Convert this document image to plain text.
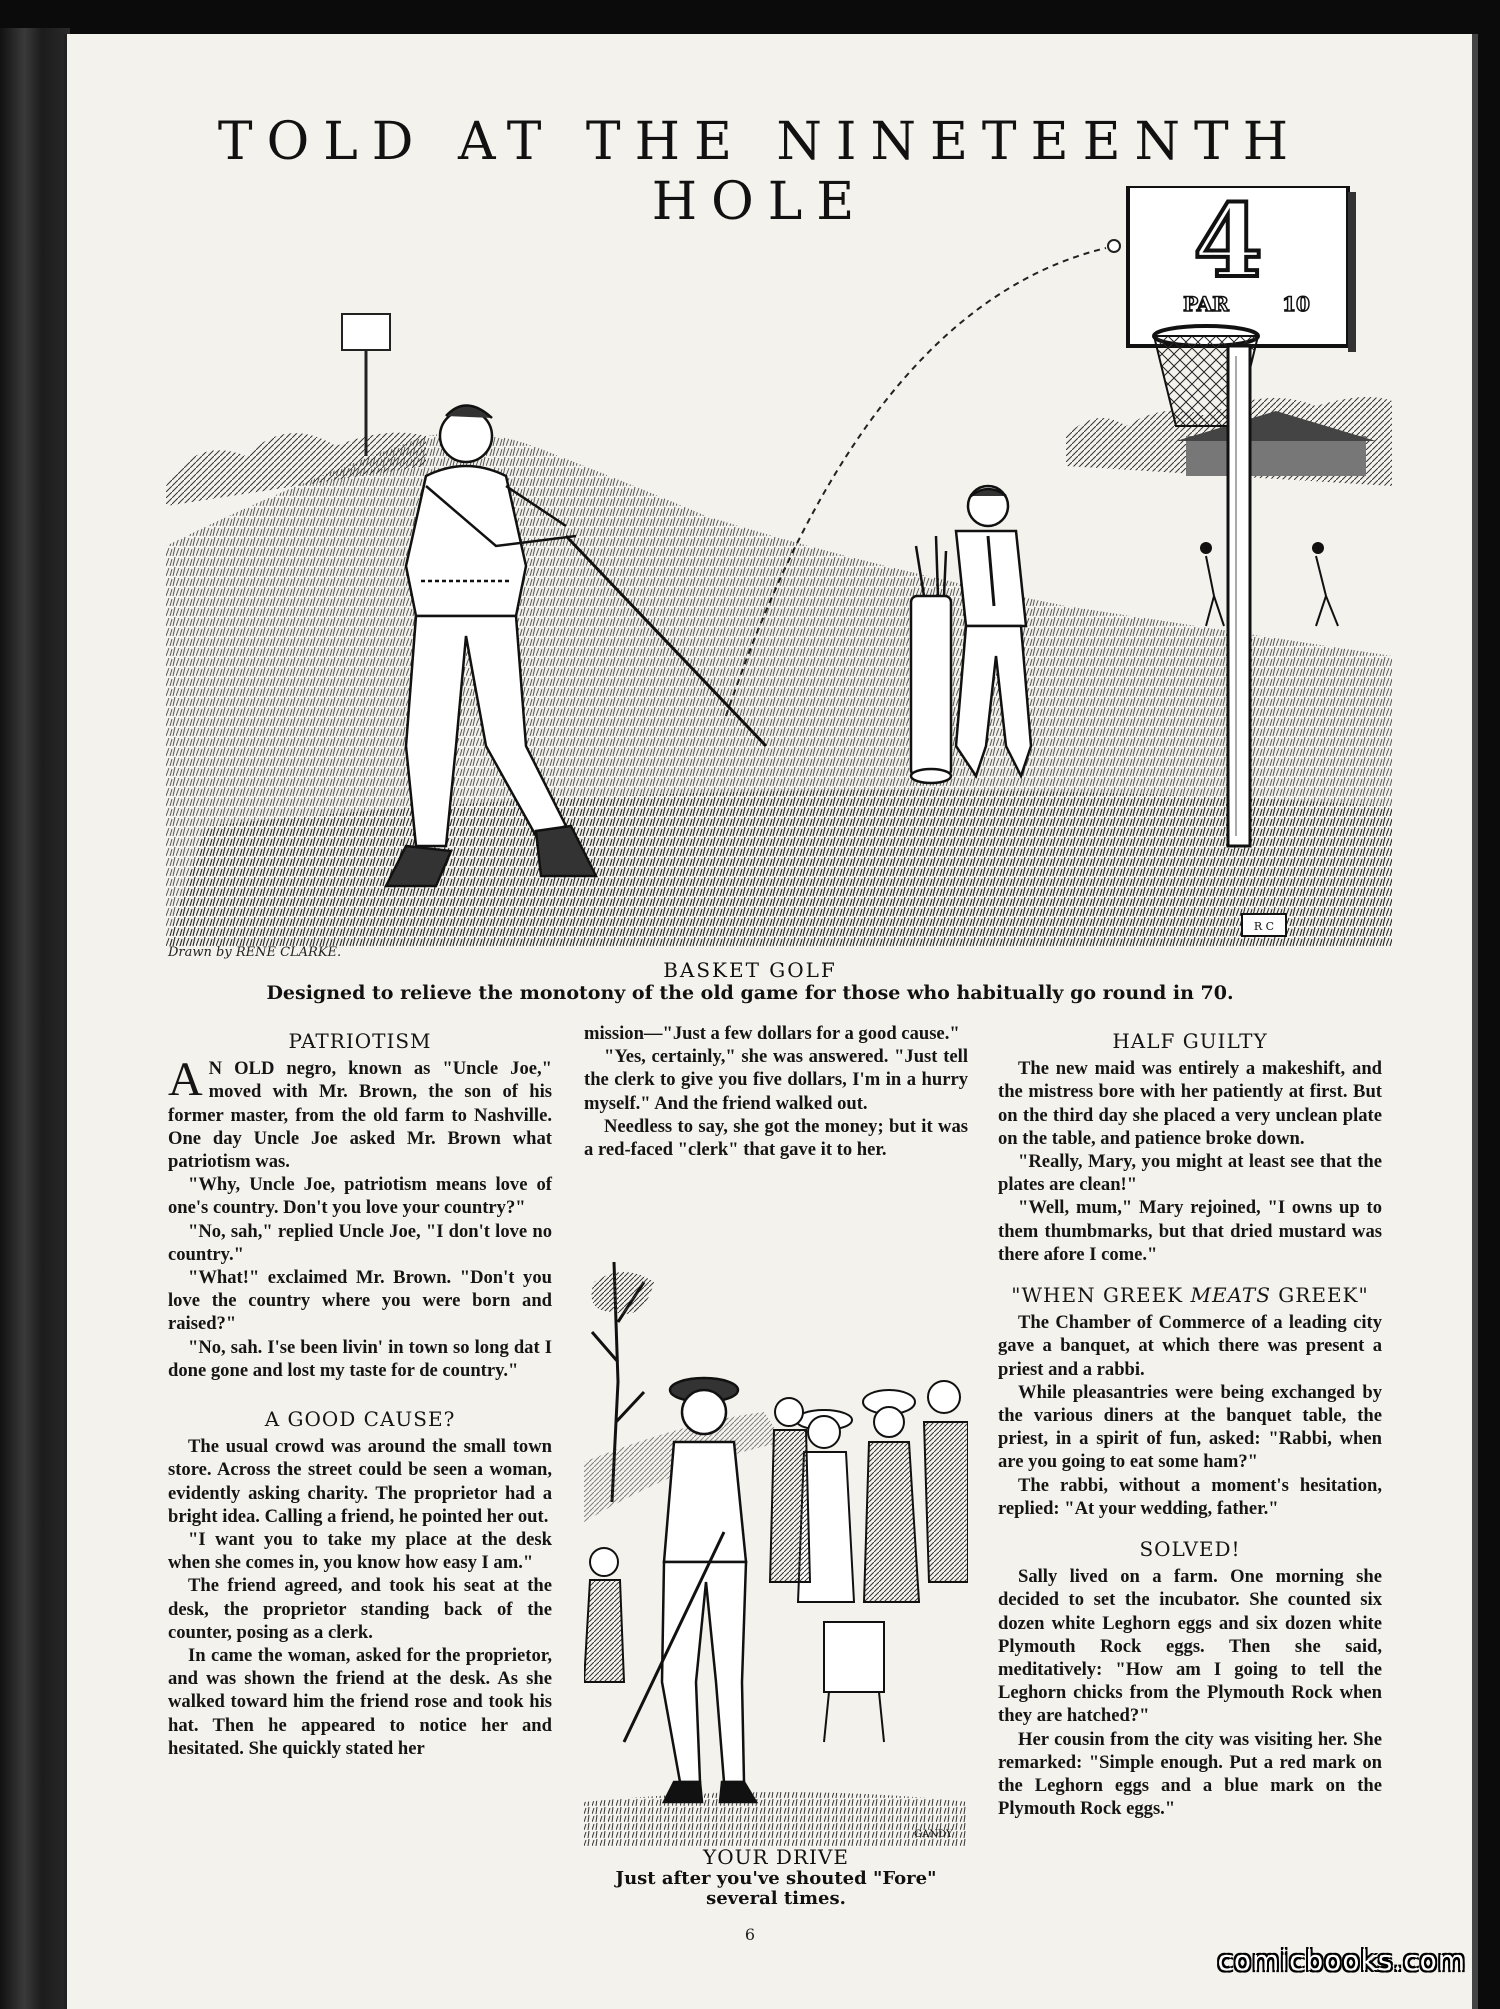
TOLD AT THE NINETEENTH HOLE	4
PAR	10
R C
Drawn by RENE CLARKE.
BASKET GOLF
Designed to relieve the monotony of the old game for those who habitually go round in 70.
PATRIOTISM

A N OLD negro, known as "Uncle Joe," moved with Mr. Brown, the son of his former master, from the old farm to Nashville. One day Uncle Joe asked Mr. Brown what patriotism was.

"Why, Uncle Joe, patriotism means love of one's country. Don't you love your country?"

"No, sah," replied Uncle Joe, "I don't love no country."

"What!" exclaimed Mr. Brown. "Don't you love the country where you were born and raised?"

"No, sah. I'se been livin' in town so long dat I done gone and lost my taste for de country."

A GOOD CAUSE?

The usual crowd was around the small town store. Across the street could be seen a woman, evidently asking charity. The proprietor had a bright idea. Calling a friend, he pointed her out.

"I want you to take my place at the desk when she comes in, you know how easy I am."

The friend agreed, and took his seat at the desk, the proprietor standing back of the counter, posing as a clerk.

In came the woman, asked for the proprietor, and was shown the friend at the desk. As she walked toward him the friend rose and took his hat. Then he appeared to notice her and hesitated. She quickly stated her

mission—"Just a few dollars for a good cause."

"Yes, certainly," she was answered. "Just tell the clerk to give you five dollars, I'm in a hurry myself." And the friend walked out.

Needless to say, she got the money; but it was a red-faced "clerk" that gave it to her.

GANDY
YOUR DRIVE
Just after you've shouted "Fore" several times.
HALF GUILTY

The new maid was entirely a makeshift, and the mistress bore with her patiently at first. But on the third day she placed a very unclean plate on the table, and patience broke down.

"Really, Mary, you might at least see that the plates are clean!"

"Well, mum," Mary rejoined, "I owns up to them thumbmarks, but that dried mustard was there afore I come."

"WHEN GREEK MEATS GREEK"

The Chamber of Commerce of a leading city gave a banquet, at which there was present a priest and a rabbi.

While pleasantries were being exchanged by the various diners at the banquet table, the priest, in a spirit of fun, asked: "Rabbi, when are you going to eat some ham?"

The rabbi, without a moment's hesitation, replied: "At your wedding, father."

SOLVED!

Sally lived on a farm. One morning she decided to set the incubator. She counted six dozen white Leghorn eggs and six dozen white Plymouth Rock eggs. Then she said, meditatively: "How am I going to tell the Leghorn chicks from the Plymouth Rock when they are hatched?"

Her cousin from the city was visiting her. She remarked: "Simple enough. Put a red mark on the Leghorn eggs and a blue mark on the Plymouth Rock eggs."

6
comicbooks.com
